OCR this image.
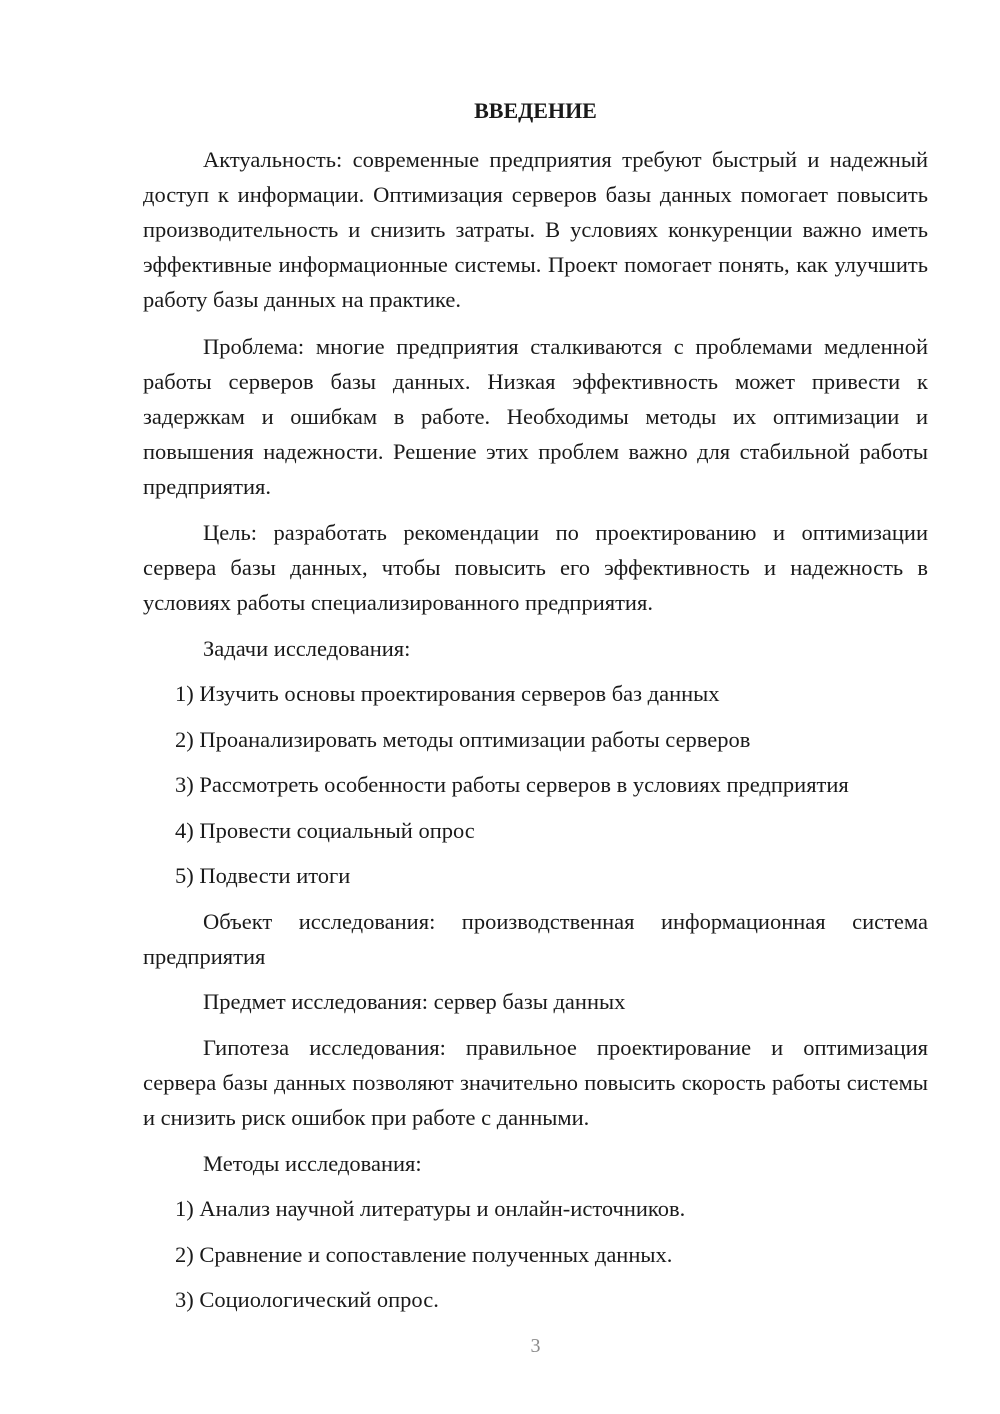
ВВЕДЕНИЕ

Актуальность: современные предприятия требуют быстрый и надежный доступ к информации. Оптимизация серверов базы данных помогает повысить производительность и снизить затраты. В условиях конкуренции важно иметь эффективные информационные системы. Проект помогает понять, как улучшить работу базы данных на практике.

Проблема: многие предприятия сталкиваются с проблемами медленной работы серверов базы данных. Низкая эффективность может привести к задержкам и ошибкам в работе. Необходимы методы их оптимизации и повышения надежности. Решение этих проблем важно для стабильной работы предприятия.

Цель: разработать рекомендации по проектированию и оптимизации сервера базы данных, чтобы повысить его эффективность и надежность в условиях работы специализированного предприятия.

Задачи исследования:
1) Изучить основы проектирования серверов баз данных
2) Проанализировать методы оптимизации работы серверов
3) Рассмотреть особенности работы серверов в условиях предприятия
4) Провести социальный опрос
5) Подвести итоги

Объект исследования: производственная информационная система предприятия

Предмет исследования: сервер базы данных

Гипотеза исследования: правильное проектирование и оптимизация сервера базы данных позволяют значительно повысить скорость работы системы и снизить риск ошибок при работе с данными.

Методы исследования:
1) Анализ научной литературы и онлайн-источников.
2) Сравнение и сопоставление полученных данных.
3) Социологический опрос.
3
